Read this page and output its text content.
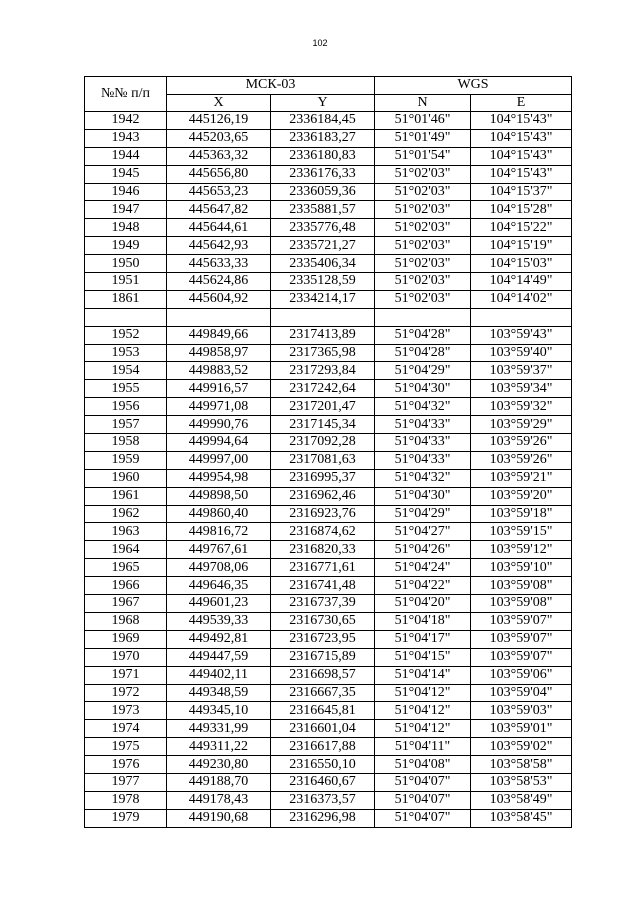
102
№№ п/п	МСК-03		WGS	
	X	Y	N	E
1942	445126,19	2336184,45	51°01'46"	104°15'43"
1943	445203,65	2336183,27	51°01'49"	104°15'43"
1944	445363,32	2336180,83	51°01'54"	104°15'43"
1945	445656,80	2336176,33	51°02'03"	104°15'43"
1946	445653,23	2336059,36	51°02'03"	104°15'37"
1947	445647,82	2335881,57	51°02'03"	104°15'28"
1948	445644,61	2335776,48	51°02'03"	104°15'22"
1949	445642,93	2335721,27	51°02'03"	104°15'19"
1950	445633,33	2335406,34	51°02'03"	104°15'03"
1951	445624,86	2335128,59	51°02'03"	104°14'49"
1861	445604,92	2334214,17	51°02'03"	104°14'02"

1952	449849,66	2317413,89	51°04'28"	103°59'43"
1953	449858,97	2317365,98	51°04'28"	103°59'40"
1954	449883,52	2317293,84	51°04'29"	103°59'37"
1955	449916,57	2317242,64	51°04'30"	103°59'34"
1956	449971,08	2317201,47	51°04'32"	103°59'32"
1957	449990,76	2317145,34	51°04'33"	103°59'29"
1958	449994,64	2317092,28	51°04'33"	103°59'26"
1959	449997,00	2317081,63	51°04'33"	103°59'26"
1960	449954,98	2316995,37	51°04'32"	103°59'21"
1961	449898,50	2316962,46	51°04'30"	103°59'20"
1962	449860,40	2316923,76	51°04'29"	103°59'18"
1963	449816,72	2316874,62	51°04'27"	103°59'15"
1964	449767,61	2316820,33	51°04'26"	103°59'12"
1965	449708,06	2316771,61	51°04'24"	103°59'10"
1966	449646,35	2316741,48	51°04'22"	103°59'08"
1967	449601,23	2316737,39	51°04'20"	103°59'08"
1968	449539,33	2316730,65	51°04'18"	103°59'07"
1969	449492,81	2316723,95	51°04'17"	103°59'07"
1970	449447,59	2316715,89	51°04'15"	103°59'07"
1971	449402,11	2316698,57	51°04'14"	103°59'06"
1972	449348,59	2316667,35	51°04'12"	103°59'04"
1973	449345,10	2316645,81	51°04'12"	103°59'03"
1974	449331,99	2316601,04	51°04'12"	103°59'01"
1975	449311,22	2316617,88	51°04'11"	103°59'02"
1976	449230,80	2316550,10	51°04'08"	103°58'58"
1977	449188,70	2316460,67	51°04'07"	103°58'53"
1978	449178,43	2316373,57	51°04'07"	103°58'49"
1979	449190,68	2316296,98	51°04'07"	103°58'45"
